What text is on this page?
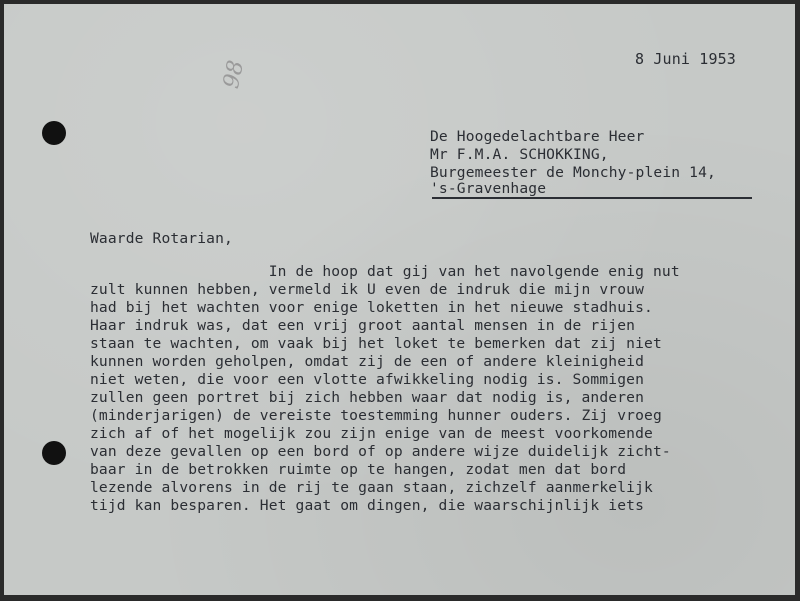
8 Juni 1953
98
De Hoogedelachtbare Heer
Mr F.M.A. SCHOKKING,
Burgemeester de Monchy-plein 14,
's-Gravenhage
Waarde Rotarian,
In de hoop dat gij van het navolgende enig nut
zult kunnen hebben, vermeld ik U even de indruk die mijn vrouw
had bij het wachten voor enige loketten in het nieuwe stadhuis.
Haar indruk was, dat een vrij groot aantal mensen in de rijen
staan te wachten, om vaak bij het loket te bemerken dat zij niet
kunnen worden geholpen, omdat zij de een of andere kleinigheid
niet weten, die voor een vlotte afwikkeling nodig is. Sommigen
zullen geen portret bij zich hebben waar dat nodig is, anderen
(minderjarigen) de vereiste toestemming hunner ouders. Zij vroeg
zich af of het mogelijk zou zijn enige van de meest voorkomende
van deze gevallen op een bord of op andere wijze duidelijk zicht-
baar in de betrokken ruimte op te hangen, zodat men dat bord
lezende alvorens in de rij te gaan staan, zichzelf aanmerkelijk
tijd kan besparen. Het gaat om dingen, die waarschijnlijk iets
